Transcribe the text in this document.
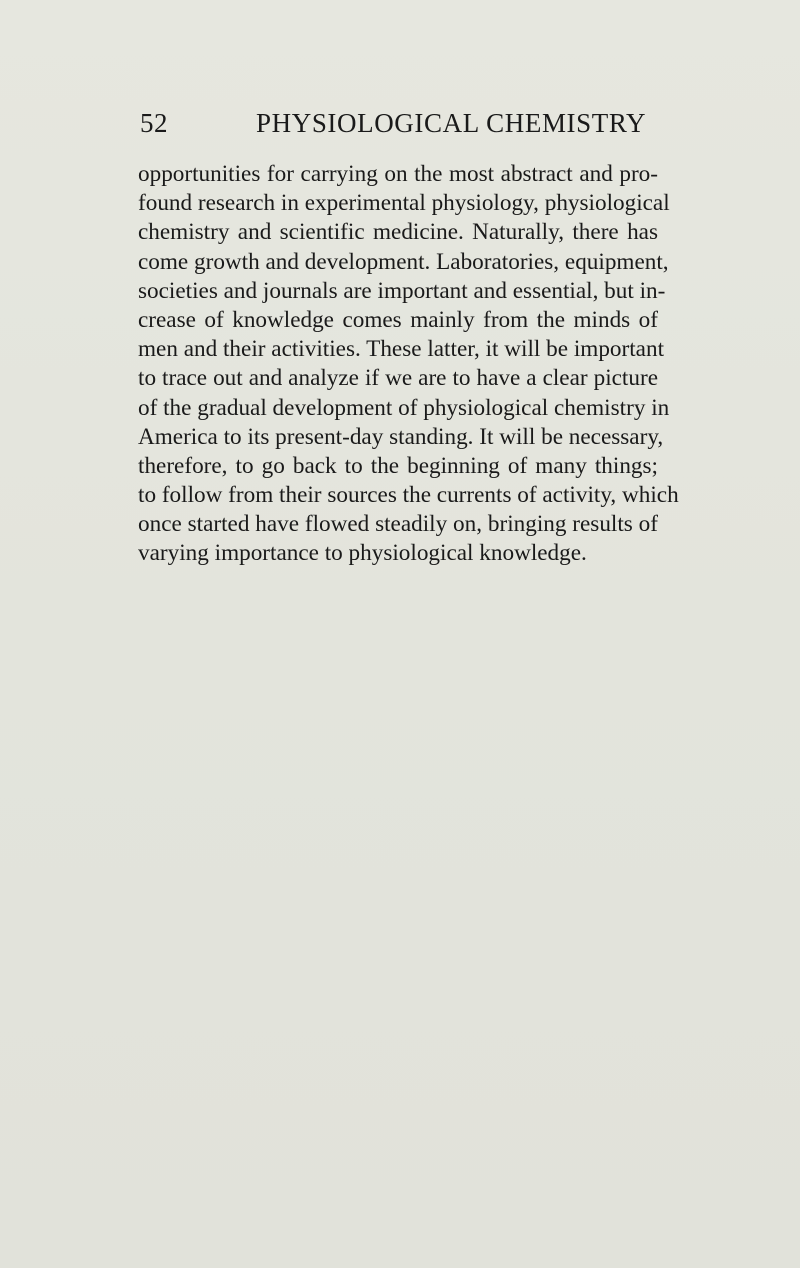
52	PHYSIOLOGICAL CHEMISTRY
opportunities for carrying on the most abstract and pro-
found research in experimental physiology, physiological
chemistry and scientific medicine. Naturally, there has
come growth and development. Laboratories, equipment,
societies and journals are important and essential, but in-
crease of knowledge comes mainly from the minds of
men and their activities. These latter, it will be important
to trace out and analyze if we are to have a clear picture
of the gradual development of physiological chemistry in
America to its present-day standing. It will be necessary,
therefore, to go back to the beginning of many things;
to follow from their sources the currents of activity, which
once started have flowed steadily on, bringing results of
varying importance to physiological knowledge.
